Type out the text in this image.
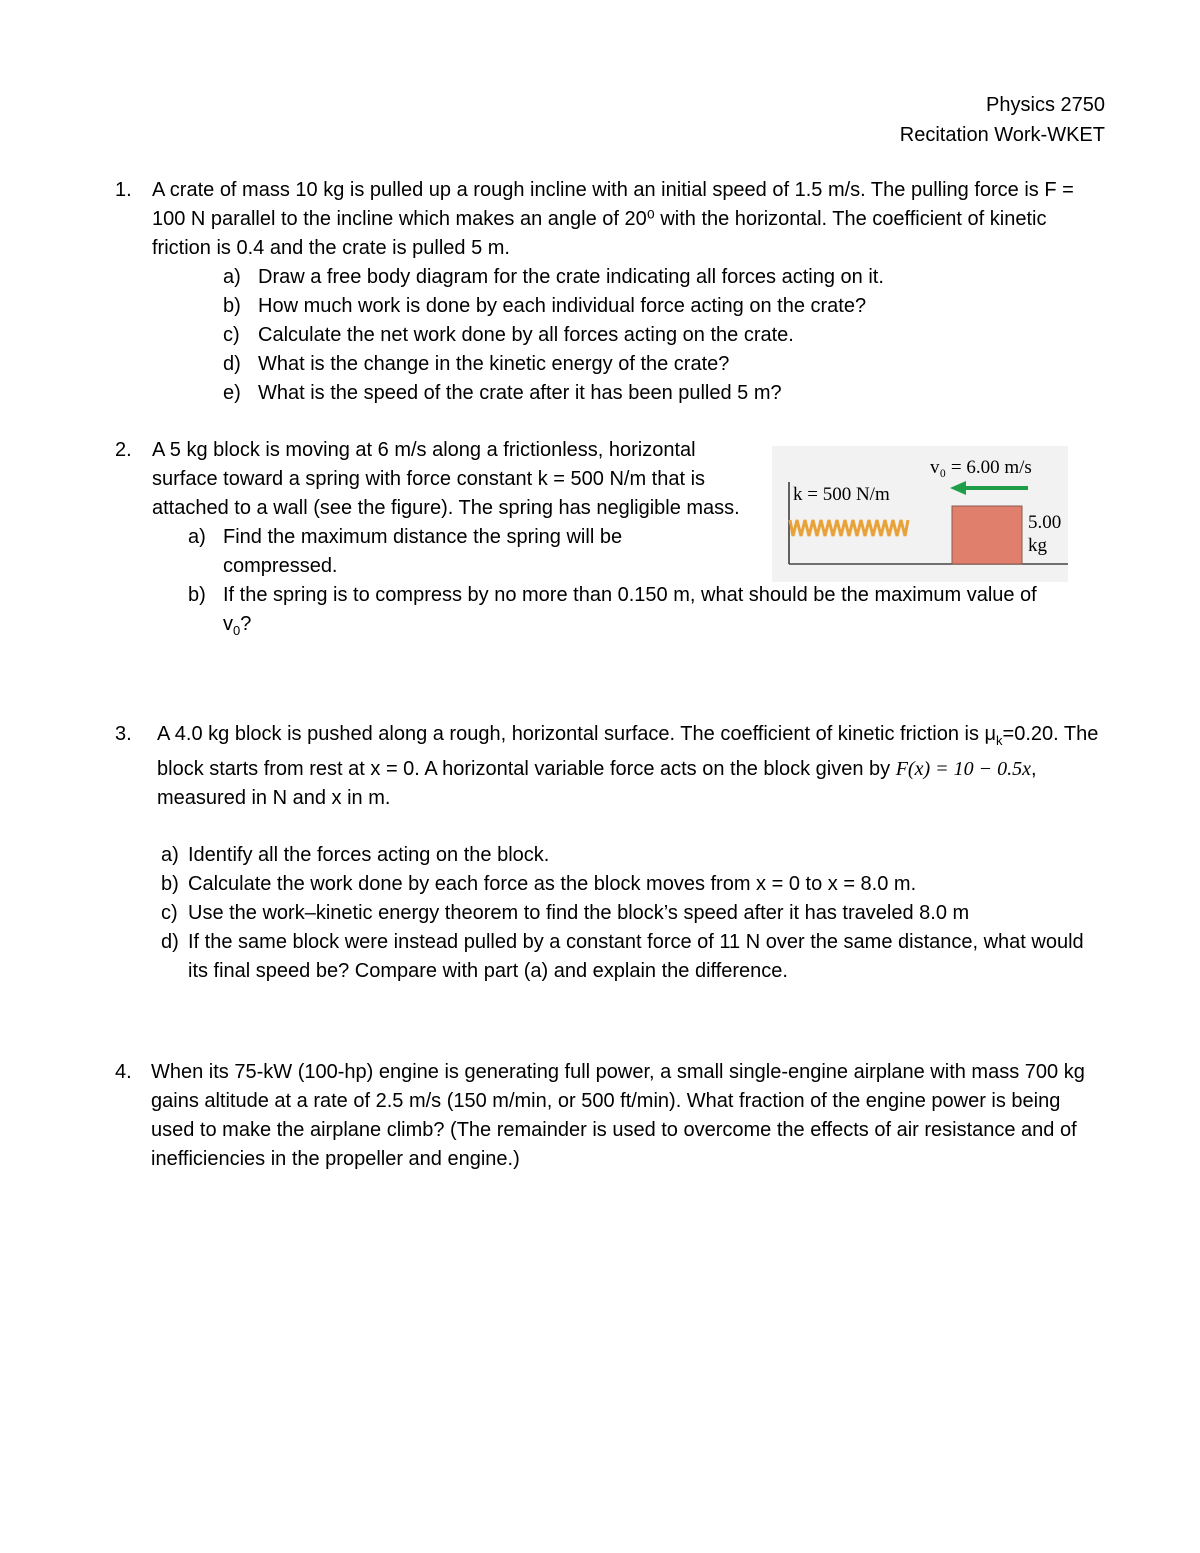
Physics 2750
Recitation Work-WKET
1. A crate of mass 10 kg is pulled up a rough incline with an initial speed of 1.5 m/s. The pulling force is F = 100 N parallel to the incline which makes an angle of 20⁰ with the horizontal. The coefficient of kinetic friction is 0.4 and the crate is pulled 5 m.
a) Draw a free body diagram for the crate indicating all forces acting on it.
b) How much work is done by each individual force acting on the crate?
c) Calculate the net work done by all forces acting on the crate.
d) What is the change in the kinetic energy of the crate?
e) What is the speed of the crate after it has been pulled 5 m?
2. A 5 kg block is moving at 6 m/s along a frictionless, horizontal surface toward a spring with force constant k = 500 N/m that is attached to a wall (see the figure). The spring has negligible mass.
a) Find the maximum distance the spring will be compressed.
b) If the spring is to compress by no more than 0.150 m, what should be the maximum value of
$v_0$?
v₀ = 6.00 m/s
k = 500 N/m
5.00
kg
3. A 4.0 kg block is pushed along a rough, horizontal surface. The coefficient of kinetic friction is $\mu_k=0.20$. The block starts from rest at x = 0. A horizontal variable force acts on the block given by F(x) = 10 − 0.5x, measured in N and x in m.
a) Identify all the forces acting on the block.
b) Calculate the work done by each force as the block moves from x = 0 to x = 8.0 m.
c) Use the work–kinetic energy theorem to find the block’s speed after it has traveled 8.0 m
d) If the same block were instead pulled by a constant force of 11 N over the same distance, what would its final speed be? Compare with part (a) and explain the difference.
4. When its 75-kW (100-hp) engine is generating full power, a small single-engine airplane with mass 700 kg gains altitude at a rate of 2.5 m/s (150 m/min, or 500 ft/min). What fraction of the engine power is being used to make the airplane climb? (The remainder is used to overcome the effects of air resistance and of inefficiencies in the propeller and engine.)
